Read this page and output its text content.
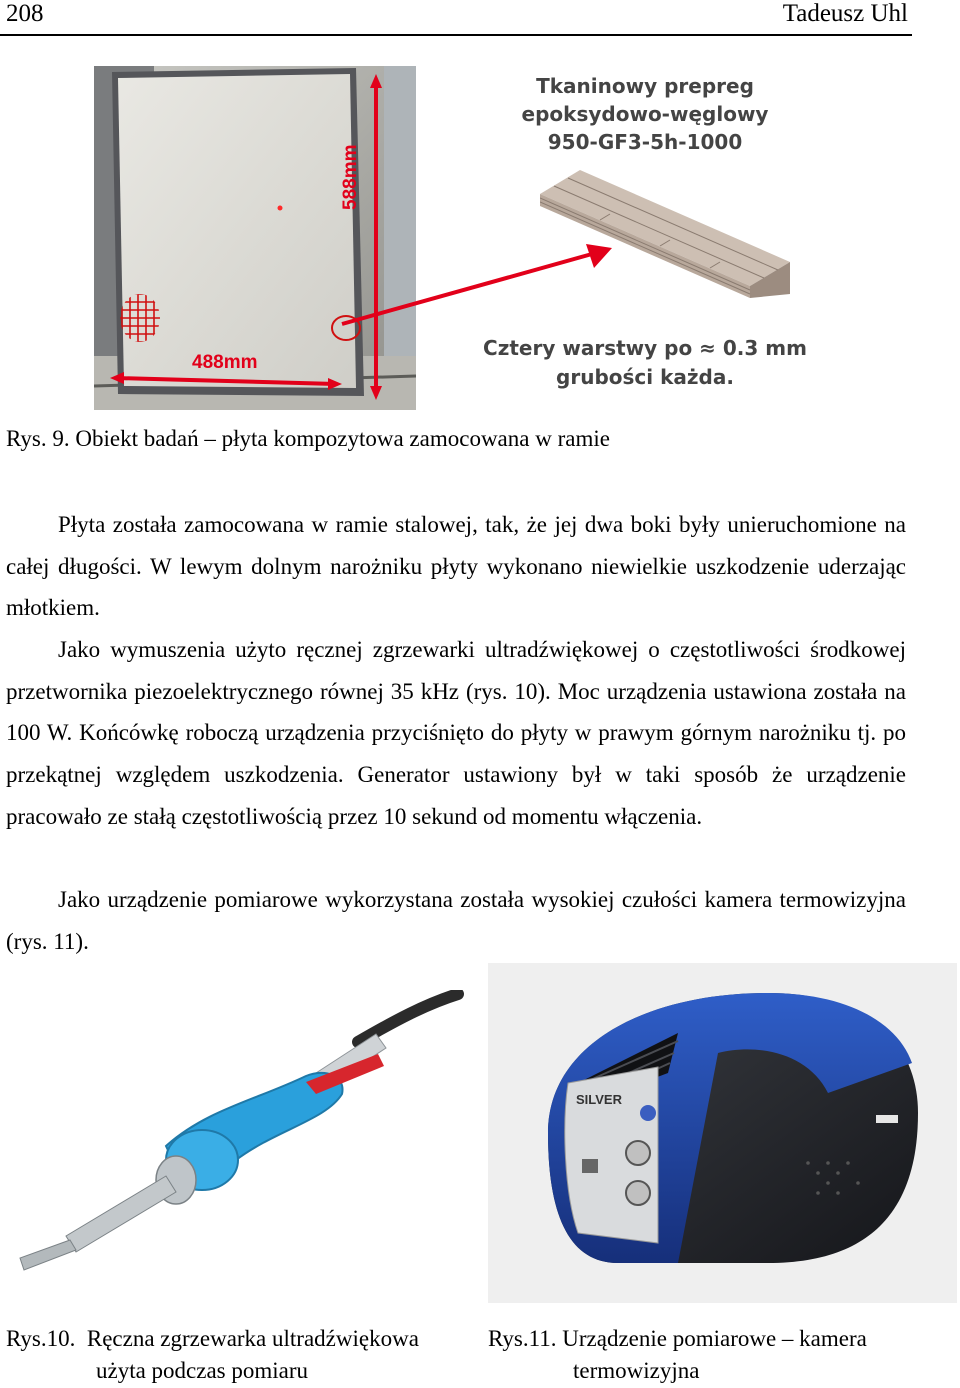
208	Tadeusz Uhl
588mm
488mm
Tkaninowy prepreg
epoksydowo-węglowy
950-GF3-5h-1000
Cztery warstwy po ≈ 0.3 mm
grubości każda.
Rys. 9. Obiekt badań – płyta kompozytowa zamocowana w ramie
Płyta została zamocowana w ramie stalowej, tak, że jej dwa boki były unieruchomione na całej długości. W lewym dolnym narożniku płyty wykonano niewielkie uszkodzenie uderzając młotkiem.
Jako wymuszenia użyto ręcznej zgrzewarki ultradźwiękowej o częstotliwości środkowej przetwornika piezoelektrycznego równej 35 kHz (rys. 10). Moc urządzenia ustawiona została na 100 W. Końcówkę roboczą urządzenia przyciśnięto do płyty w prawym górnym narożniku tj. po przekątnej względem uszkodzenia. Generator ustawiony był w taki sposób że urządzenie pracowało ze stałą częstotliwością przez 10 sekund od momentu włączenia.
Jako urządzenie pomiarowe wykorzystana została wysokiej czułości kamera termowizyjna (rys. 11).
SILVER
Rys.10.  Ręczna zgrzewarka ultradźwiękowa
użyta podczas pomiaru
Rys.11. Urządzenie pomiarowe – kamera
termowizyjna
